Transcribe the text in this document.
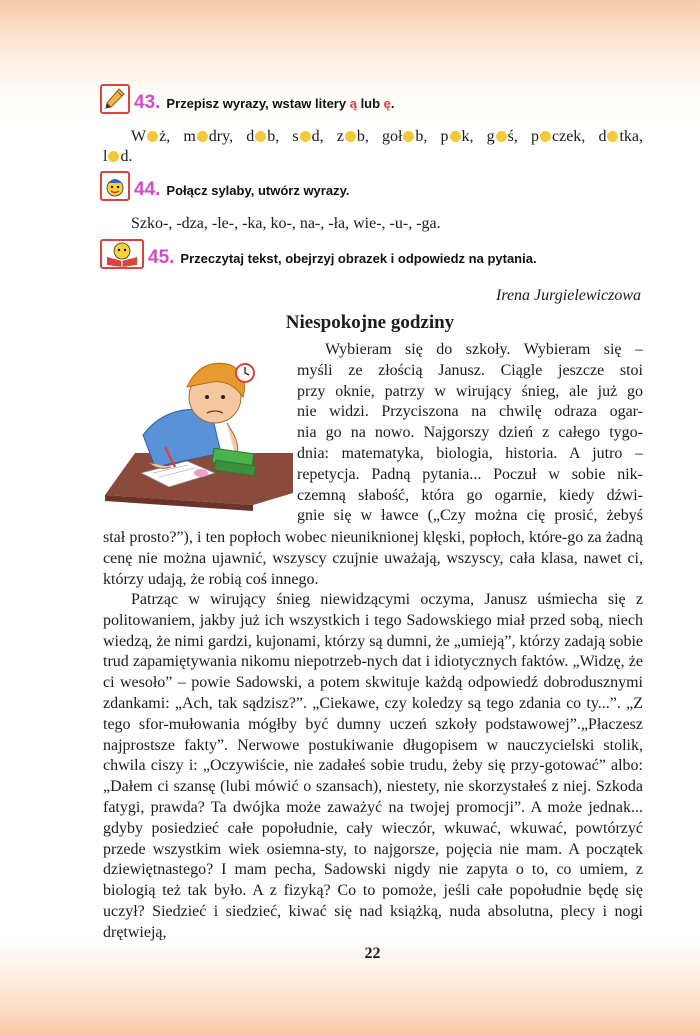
43. Przepisz wyrazy, wstaw litery ą lub ę.
W ż, m dry, d b, s d, z b, goł b, p k, g ś, p czek, d tka,
l d.
44. Połącz sylaby, utwórz wyrazy.
Szko-, -dza, -le-, -ka, ko-, na-, -ła, wie-, -u-, -ga.
45. Przeczytaj tekst, obejrzyj obrazek i odpowiedz na pytania.
Irena Jurgielewiczowa
Niespokojne godziny
Wybieram się do szkoły. Wybieram się –
myśli ze złością Janusz. Ciągle jeszcze stoi
przy oknie, patrzy w wirujący śnieg, ale już go
nie widzi. Przyciszona na chwilę odraza ogar-
nia go na nowo. Najgorszy dzień z całego tygo-
dnia: matematyka, biologia, historia. A jutro –
repetycja. Padną pytania... Poczuł w sobie nik-
czemną słabość, która go ogarnie, kiedy dźwi-
gnie się w ławce („Czy można cię prosić, żebyś

stał prosto?”), i ten popłoch wobec nieuniknionej klęski, popłoch, które-go za żadną cenę nie można ujawnić, wszyscy czujnie uważają, wszyscy, cała klasa, nawet ci, którzy udają, że robią coś innego.

Patrząc w wirujący śnieg niewidzącymi oczyma, Janusz uśmiecha się z politowaniem, jakby już ich wszystkich i tego Sadowskiego miał przed sobą, niech wiedzą, że nimi gardzi, kujonami, którzy są dumni, że „umieją”, którzy zadają sobie trud zapamiętywania nikomu niepotrzeb-nych dat i idiotycznych faktów. „Widzę, że ci wesoło” – powie Sadowski, a potem skwituje każdą odpowiedź dobrodusznymi zdankami: „Ach, tak sądzisz?”. „Ciekawe, czy koledzy są tego zdania co ty...”. „Z tego sfor-mułowania mógłby być dumny uczeń szkoły podstawowej”.„Płaczesz najprostsze fakty”. Nerwowe postukiwanie długopisem w nauczycielski stolik, chwila ciszy i: „Oczywiście, nie zadałeś sobie trudu, żeby się przy-gotować” albo: „Dałem ci szansę (lubi mówić o szansach), niestety, nie skorzystałeś z niej. Szkoda fatygi, prawda? Ta dwójka może zaważyć na twojej promocji”. A może jednak... gdyby posiedzieć całe popołudnie, cały wieczór, wkuwać, wkuwać, powtórzyć przede wszystkim wiek osiemna-sty, to najgorsze, pojęcia nie mam. A początek dziewiętnastego? I mam pecha, Sadowski nigdy nie zapyta o to, co umiem, z biologią też tak było. A z fizyką? Co to pomoże, jeśli całe popołudnie będę się uczył? Siedzieć i siedzieć, kiwać się nad książką, nuda absolutna, plecy i nogi drętwieją,

22
